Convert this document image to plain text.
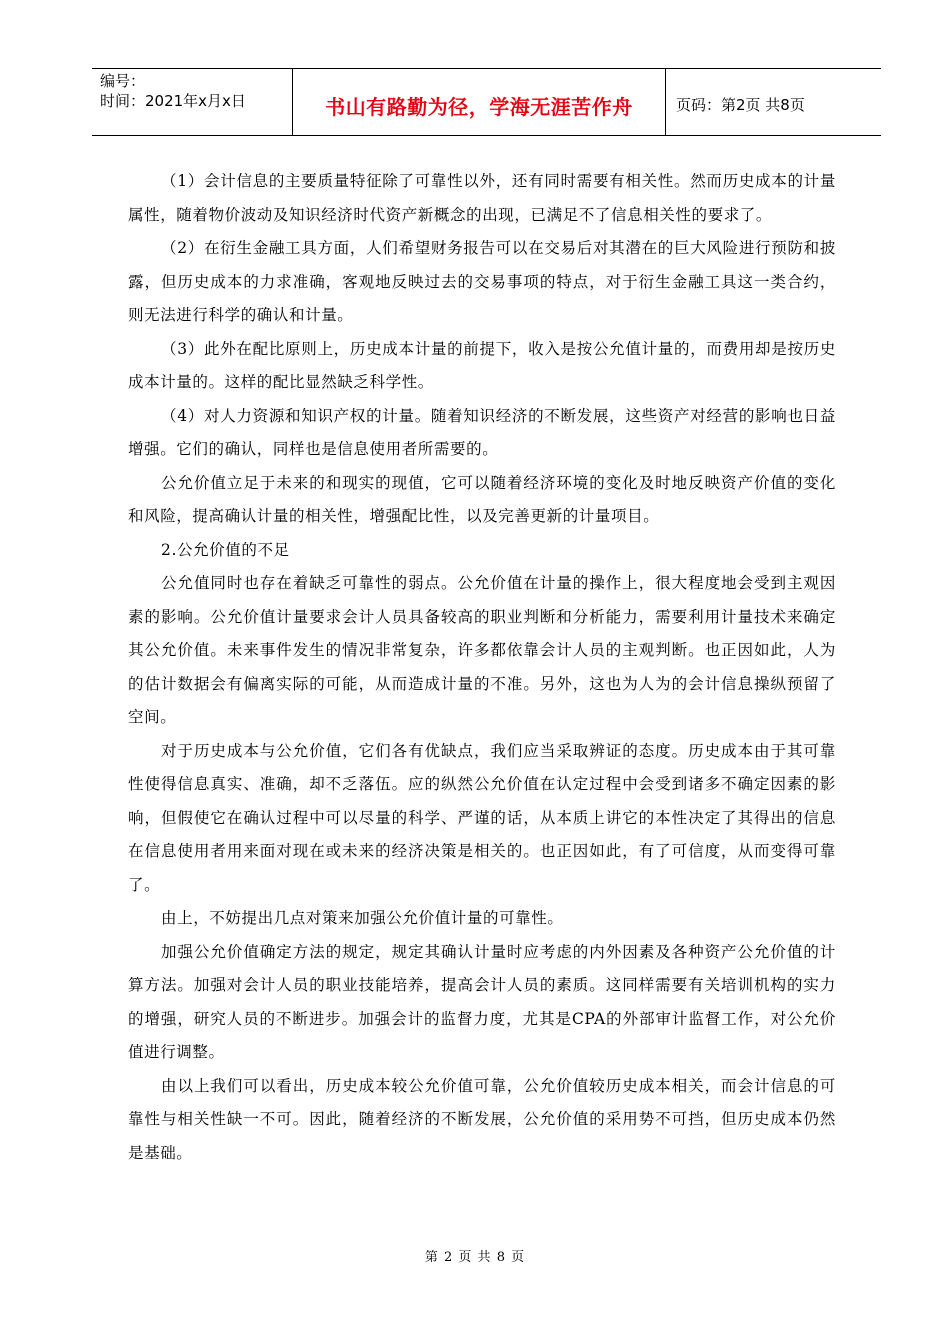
编号：
时间：2021年x月x日	书山有路勤为径，学海无涯苦作舟	页码：第2页 共8页

（1）会计信息的主要质量特征除了可靠性以外，还有同时需要有相关性。然而历史成本的计量属性，随着物价波动及知识经济时代资产新概念的出现，已满足不了信息相关性的要求了。

（2）在衍生金融工具方面，人们希望财务报告可以在交易后对其潜在的巨大风险进行预防和披露，但历史成本的力求准确，客观地反映过去的交易事项的特点，对于衍生金融工具这一类合约，则无法进行科学的确认和计量。

（3）此外在配比原则上，历史成本计量的前提下，收入是按公允值计量的，而费用却是按历史成本计量的。这样的配比显然缺乏科学性。

（4）对人力资源和知识产权的计量。随着知识经济的不断发展，这些资产对经营的影响也日益增强。它们的确认，同样也是信息使用者所需要的。

公允价值立足于未来的和现实的现值，它可以随着经济环境的变化及时地反映资产价值的变化和风险，提高确认计量的相关性，增强配比性，以及完善更新的计量项目。

2.公允价值的不足

公允值同时也存在着缺乏可靠性的弱点。公允价值在计量的操作上，很大程度地会受到主观因素的影响。公允价值计量要求会计人员具备较高的职业判断和分析能力，需要利用计量技术来确定其公允价值。未来事件发生的情况非常复杂，许多都依靠会计人员的主观判断。也正因如此，人为的估计数据会有偏离实际的可能，从而造成计量的不准。另外，这也为人为的会计信息操纵预留了空间。

对于历史成本与公允价值，它们各有优缺点，我们应当采取辨证的态度。历史成本由于其可靠性使得信息真实、准确，却不乏落伍。应的纵然公允价值在认定过程中会受到诸多不确定因素的影响，但假使它在确认过程中可以尽量的科学、严谨的话，从本质上讲它的本性决定了其得出的信息在信息使用者用来面对现在或未来的经济决策是相关的。也正因如此，有了可信度，从而变得可靠了。

由上，不妨提出几点对策来加强公允价值计量的可靠性。

加强公允价值确定方法的规定，规定其确认计量时应考虑的内外因素及各种资产公允价值的计算方法。加强对会计人员的职业技能培养，提高会计人员的素质。这同样需要有关培训机构的实力的增强，研究人员的不断进步。加强会计的监督力度，尤其是CPA的外部审计监督工作，对公允价值进行调整。

由以上我们可以看出，历史成本较公允价值可靠，公允价值较历史成本相关，而会计信息的可靠性与相关性缺一不可。因此，随着经济的不断发展，公允价值的采用势不可挡，但历史成本仍然是基础。

第 2 页 共 8 页
